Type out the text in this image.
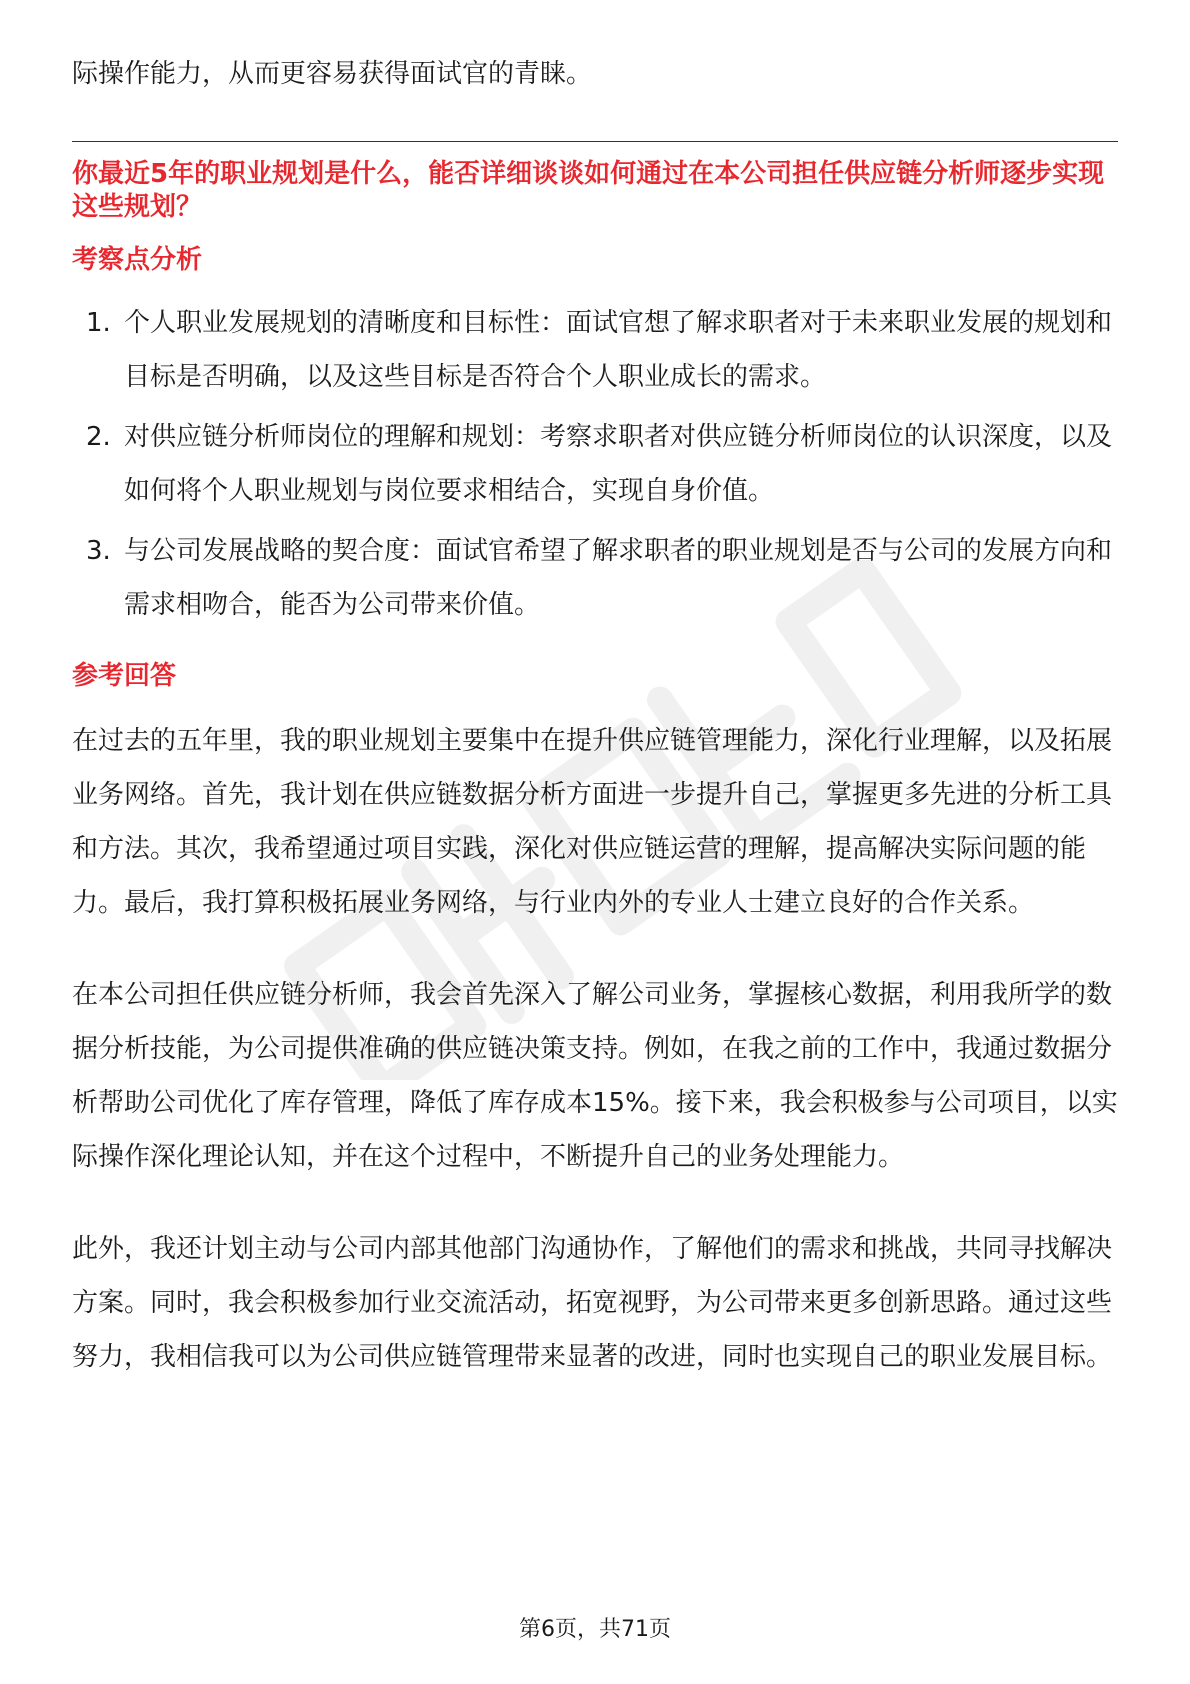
际操作能力，从而更容易获得面试官的青睐。

你最近5年的职业规划是什么，能否详细谈谈如何通过在本公司担任供应链分析师逐步实现这些规划？
考察点分析
1. 个人职业发展规划的清晰度和目标性：面试官想了解求职者对于未来职业发展的规划和目标是否明确，以及这些目标是否符合个人职业成长的需求。
2. 对供应链分析师岗位的理解和规划：考察求职者对供应链分析师岗位的认识深度，以及如何将个人职业规划与岗位要求相结合，实现自身价值。
3. 与公司发展战略的契合度：面试官希望了解求职者的职业规划是否与公司的发展方向和需求相吻合，能否为公司带来价值。
参考回答

在过去的五年里，我的职业规划主要集中在提升供应链管理能力，深化行业理解，以及拓展业务网络。首先，我计划在供应链数据分析方面进一步提升自己，掌握更多先进的分析工具和方法。其次，我希望通过项目实践，深化对供应链运营的理解，提高解决实际问题的能力。最后，我打算积极拓展业务网络，与行业内外的专业人士建立良好的合作关系。

在本公司担任供应链分析师，我会首先深入了解公司业务，掌握核心数据，利用我所学的数据分析技能，为公司提供准确的供应链决策支持。例如，在我之前的工作中，我通过数据分析帮助公司优化了库存管理，降低了库存成本15%。接下来，我会积极参与公司项目，以实际操作深化理论认知，并在这个过程中，不断提升自己的业务处理能力。

此外，我还计划主动与公司内部其他部门沟通协作，了解他们的需求和挑战，共同寻找解决方案。同时，我会积极参加行业交流活动，拓宽视野，为公司带来更多创新思路。通过这些努力，我相信我可以为公司供应链管理带来显著的改进，同时也实现自己的职业发展目标。

第6页，共71页
